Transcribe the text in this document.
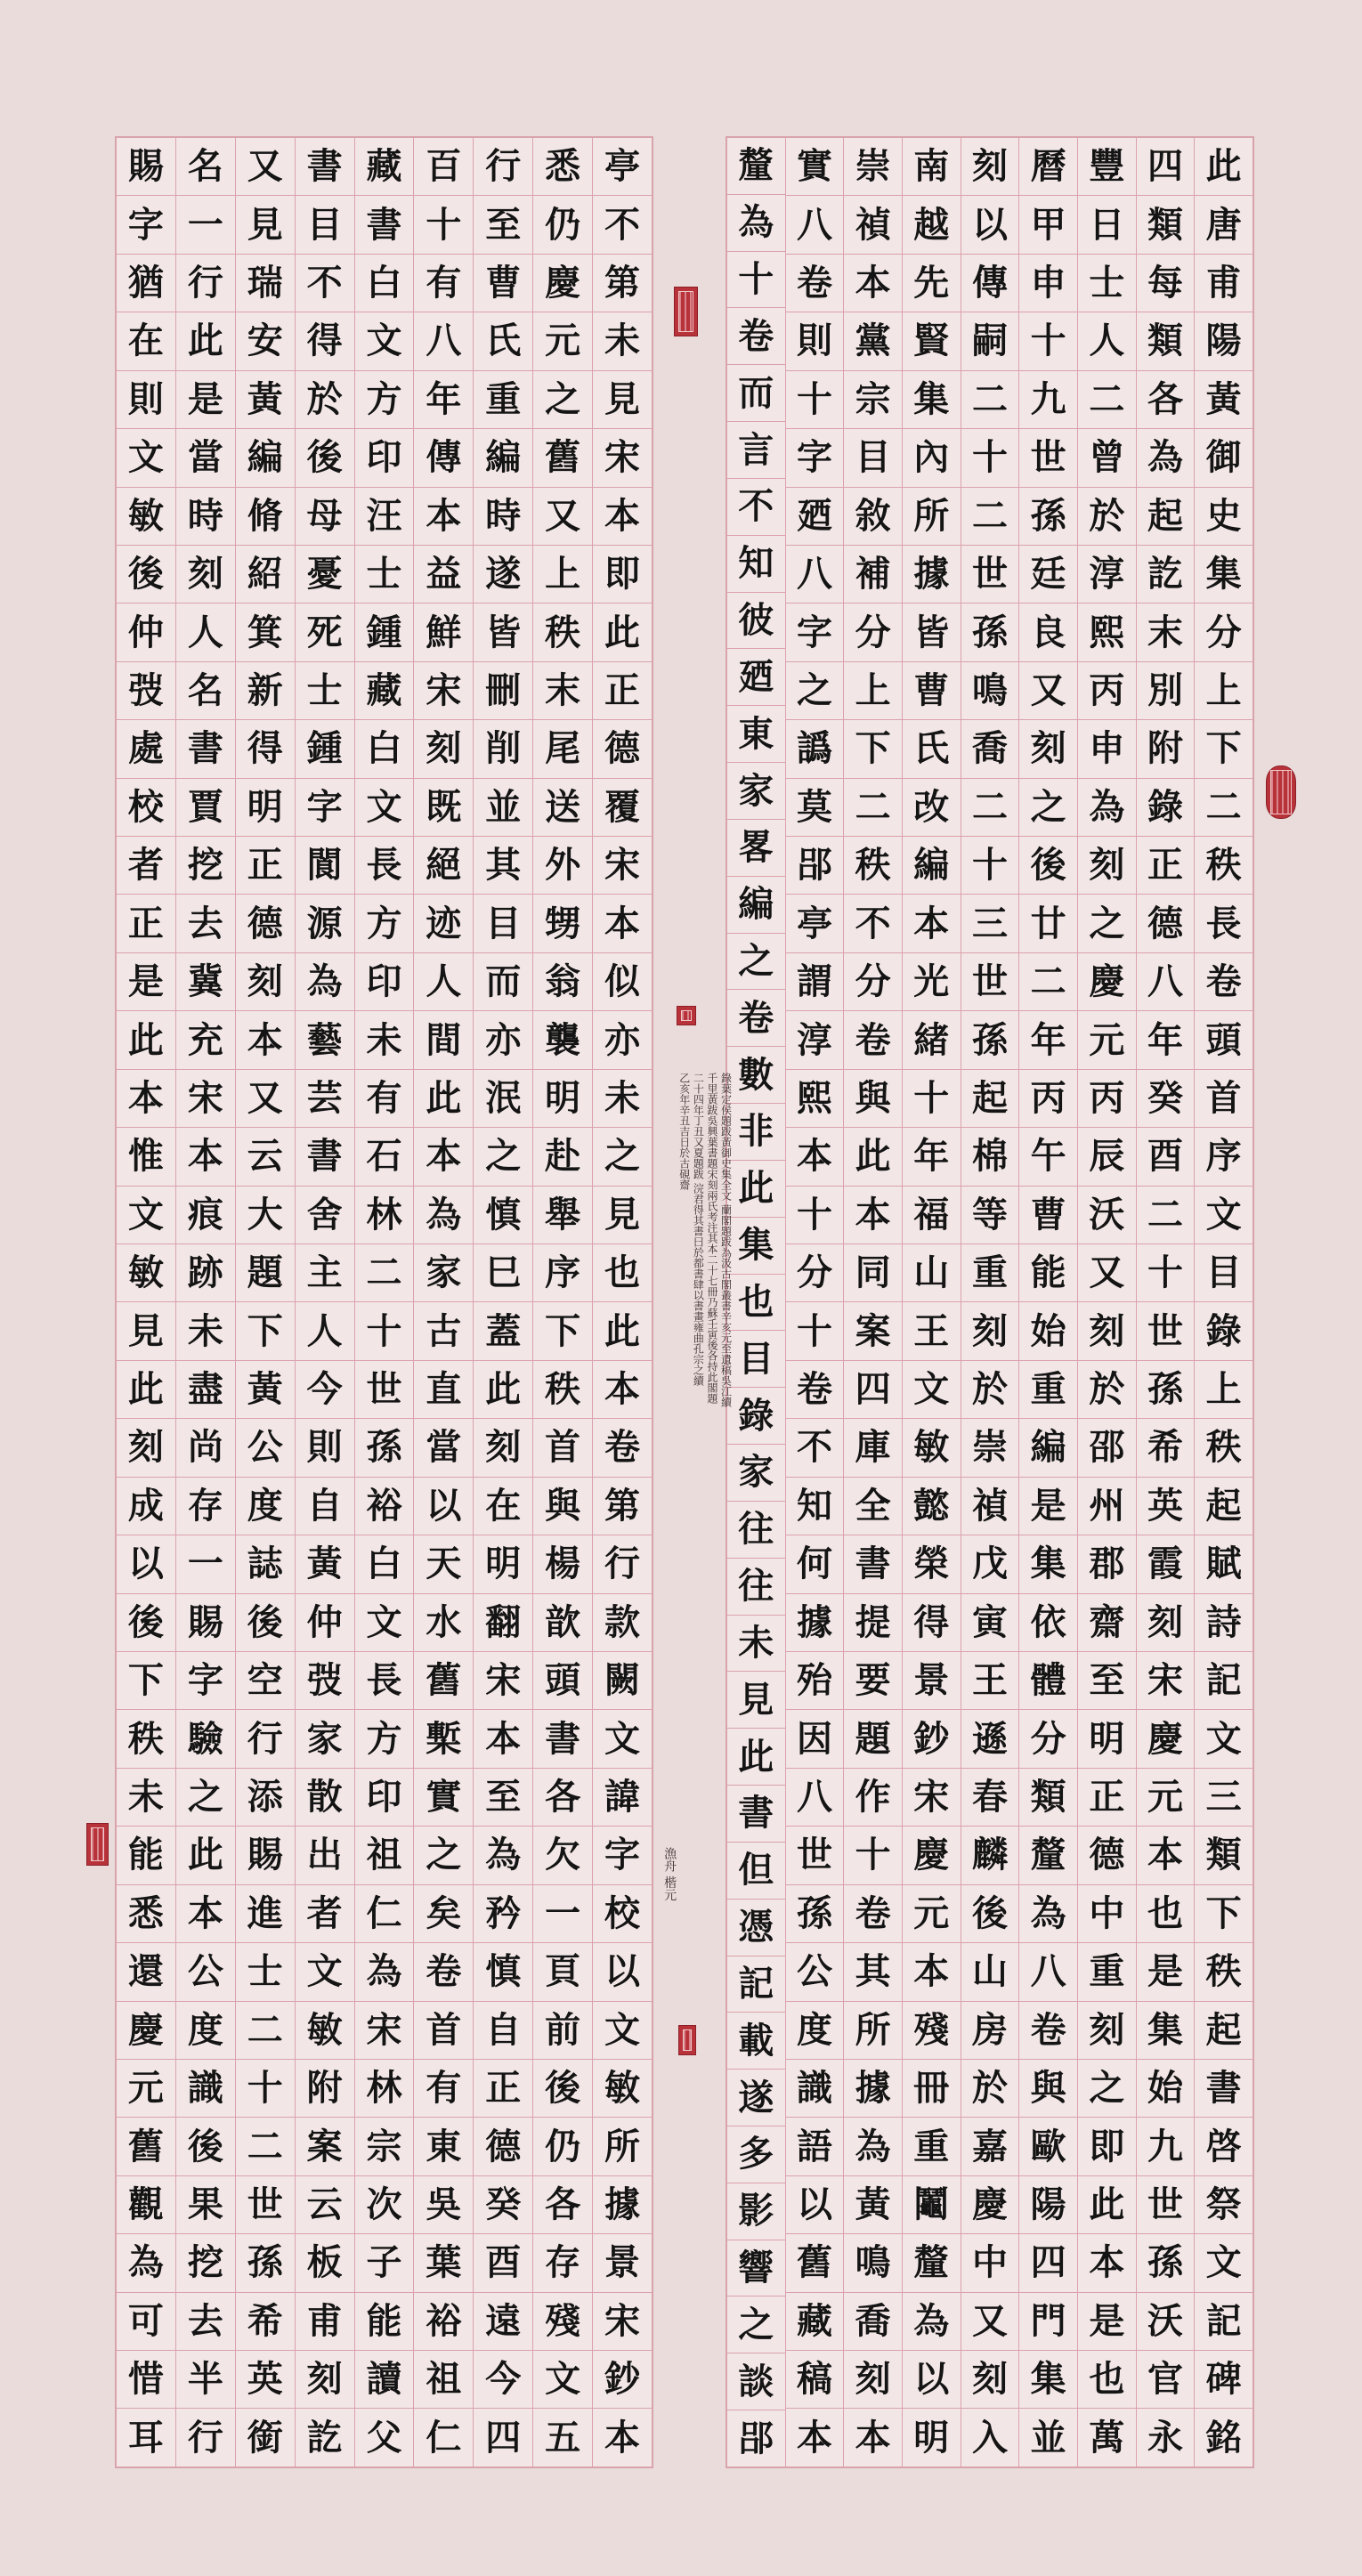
此
唐
甫
陽
黃
御
史
集
分
上
下
二
秩
長
卷
頭
首
序
文
目
錄
上
秩
起
賦
詩
記
文
三
類
下
秩
起
書
啓
祭
文
記
碑
銘
四
類
每
類
各
為
起
訖
末
別
附
錄
正
德
八
年
癸
酉
二
十
世
孫
希
英
霞
刻
宋
慶
元
本
也
是
集
始
九
世
孫
沃
官
永
豐
日
士
人
二
曾
於
淳
熙
丙
申
為
刻
之
慶
元
丙
辰
沃
又
刻
於
邵
州
郡
齋
至
明
正
德
中
重
刻
之
即
此
本
是
也
萬
曆
甲
申
十
九
世
孫
廷
良
又
刻
之
後
廿
二
年
丙
午
曹
能
始
重
編
是
集
依
體
分
類
釐
為
八
卷
與
歐
陽
四
門
集
並
刻
以
傳
嗣
二
十
二
世
孫
鳴
喬
二
十
三
世
孫
起
棉
等
重
刻
於
崇
禎
戊
寅
王
遜
春
麟
後
山
房
於
嘉
慶
中
又
刻
入
南
越
先
賢
集
內
所
據
皆
曹
氏
改
編
本
光
緒
十
年
福
山
王
文
敏
懿
榮
得
景
鈔
宋
慶
元
本
殘
冊
重
鬮
釐
為
以
明
崇
禎
本
黨
宗
目
敘
補
分
上
下
二
秩
不
分
卷
與
此
本
同
案
四
庫
全
書
提
要
題
作
十
卷
其
所
據
為
黃
鳴
喬
刻
本
實
八
卷
則
十
字
廼
八
字
之
譌
莫
郘
亭
謂
淳
熙
本
十
分
十
卷
不
知
何
據
殆
因
八
世
孫
公
度
識
語
以
舊
藏
稿
本
釐
為
十
卷
而
言
不
知
彼
廼
東
家
畧
編
之
卷
數
非
此
集
也
目
錄
家
往
往
未
見
此
書
但
憑
記
載
遂
多
影
響
之
談
郘
錄葉定侯題跋黃御史集全文 蘭閣題跋為汲古閣叢書辛亥元至遺稿吳江續
千里黃跋吳興葉書題宋刻兩氏考注其本二十七冊乃蘇壬寅後各持此閣題
二十四年丁丑又夏題跋 浣君得其書曰於都書肆以書畫雍曲孔宗之續
乙亥年辛丑吉日於古硯齋
漁舟 楷元
亭
不
第
未
見
宋
本
即
此
正
德
覆
宋
本
似
亦
未
之
見
也
此
本
卷
第
行
款
闕
文
諱
字
校
以
文
敏
所
據
景
宋
鈔
本
悉
仍
慶
元
之
舊
又
上
秩
末
尾
送
外
甥
翁
襲
明
赴
舉
序
下
秩
首
與
楊
歆
頭
書
各
欠
一
頁
前
後
仍
各
存
殘
文
五
行
至
曹
氏
重
編
時
遂
皆
刪
削
並
其
目
而
亦
泯
之
慎
巳
蓋
此
刻
在
明
翻
宋
本
至
為
矜
慎
自
正
德
癸
酉
遠
今
四
百
十
有
八
年
傳
本
益
鮮
宋
刻
既
絕
迹
人
間
此
本
為
家
古
直
當
以
天
水
舊
槧
實
之
矣
卷
首
有
東
吳
葉
裕
祖
仁
藏
書
白
文
方
印
汪
士
鍾
藏
白
文
長
方
印
未
有
石
林
二
十
世
孫
裕
白
文
長
方
印
祖
仁
為
宋
林
宗
次
子
能
讀
父
書
目
不
得
於
後
母
憂
死
士
鍾
字
閬
源
為
藝
芸
書
舍
主
人
今
則
自
黃
仲
弢
家
散
出
者
文
敏
附
案
云
板
甫
刻
訖
又
見
瑞
安
黃
編
脩
紹
箕
新
得
明
正
德
刻
本
又
云
大
題
下
黃
公
度
誌
後
空
行
添
賜
進
士
二
十
二
世
孫
希
英
銜
名
一
行
此
是
當
時
刻
人
名
書
賈
挖
去
冀
充
宋
本
痕
跡
未
盡
尚
存
一
賜
字
驗
之
此
本
公
度
識
後
果
挖
去
半
行
賜
字
猶
在
則
文
敏
後
仲
弢
處
校
者
正
是
此
本
惟
文
敏
見
此
刻
成
以
後
下
秩
未
能
悉
還
慶
元
舊
觀
為
可
惜
耳
